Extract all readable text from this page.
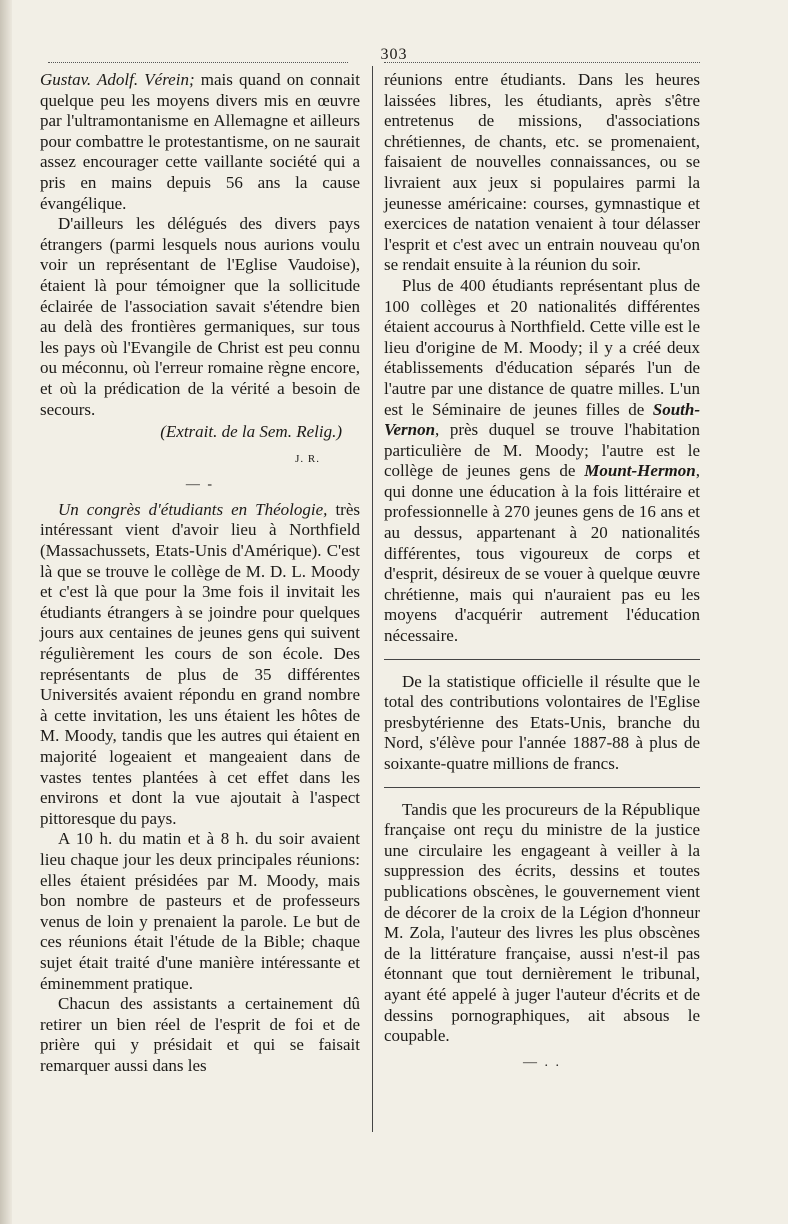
303

Gustav. Adolf. Vérein; mais quand on connait quelque peu les moyens divers mis en œuvre par l'ultramontanisme en Allemagne et ailleurs pour combattre le protestantisme, on ne saurait assez encourager cette vaillante société qui a pris en mains depuis 56 ans la cause évangélique.

D'ailleurs les délégués des divers pays étrangers (parmi lesquels nous aurions voulu voir un représentant de l'Eglise Vaudoise), étaient là pour témoigner que la sollicitude éclairée de l'association savait s'étendre bien au delà des frontières germaniques, sur tous les pays où l'Evangile de Christ est peu connu ou méconnu, où l'erreur romaine règne encore, et où la prédication de la vérité a besoin de secours.

(Extrait. de la Sem. Relig.)

J. R.

— -

Un congrès d'étudiants en Théologie, très intéressant vient d'avoir lieu à Northfield (Massachussets, Etats-Unis d'Amérique). C'est là que se trouve le collège de M. D. L. Moody et c'est là que pour la 3me fois il invitait les étudiants étrangers à se joindre pour quelques jours aux centaines de jeunes gens qui suivent régulièrement les cours de son école. Des représentants de plus de 35 différentes Universités avaient répondu en grand nombre à cette invitation, les uns étaient les hôtes de M. Moody, tandis que les autres qui étaient en majorité logeaient et mangeaient dans de vastes tentes plantées à cet effet dans les environs et dont la vue ajoutait à l'aspect pittoresque du pays.

A 10 h. du matin et à 8 h. du soir avaient lieu chaque jour les deux principales réunions: elles étaient présidées par M. Moody, mais bon nombre de pasteurs et de professeurs venus de loin y prenaient la parole. Le but de ces réunions était l'étude de la Bible; chaque sujet était traité d'une manière intéressante et éminemment pratique.

Chacun des assistants a certainement dû retirer un bien réel de l'esprit de foi et de prière qui y présidait et qui se faisait remarquer aussi dans les

réunions entre étudiants. Dans les heures laissées libres, les étudiants, après s'être entretenus de missions, d'associations chrétiennes, de chants, etc. se promenaient, faisaient de nouvelles connaissances, ou se livraient aux jeux si populaires parmi la jeunesse américaine: courses, gymnastique et exercices de natation venaient à tour délasser l'esprit et c'est avec un entrain nouveau qu'on se rendait ensuite à la réunion du soir.

Plus de 400 étudiants représentant plus de 100 collèges et 20 nationalités différentes étaient accourus à Northfield. Cette ville est le lieu d'origine de M. Moody; il y a créé deux établissements d'éducation séparés l'un de l'autre par une distance de quatre milles. L'un est le Séminaire de jeunes filles de South-Vernon, près duquel se trouve l'habitation particulière de M. Moody; l'autre est le collège de jeunes gens de Mount-Hermon, qui donne une éducation à la fois littéraire et professionnelle à 270 jeunes gens de 16 ans et au dessus, appartenant à 20 nationalités différentes, tous vigoureux de corps et d'esprit, désireux de se vouer à quelque œuvre chrétienne, mais qui n'auraient pas eu les moyens d'acquérir autrement l'éducation nécessaire.

De la statistique officielle il résulte que le total des contributions volontaires de l'Eglise presbytérienne des Etats-Unis, branche du Nord, s'élève pour l'année 1887-88 à plus de soixante-quatre millions de francs.

Tandis que les procureurs de la République française ont reçu du ministre de la justice une circulaire les engageant à veiller à la suppression des écrits, dessins et toutes publications obscènes, le gouvernement vient de décorer de la croix de la Légion d'honneur M. Zola, l'auteur des livres les plus obscènes de la littérature française, aussi n'est-il pas étonnant que tout dernièrement le tribunal, ayant été appelé à juger l'auteur d'écrits et de dessins pornographiques, ait absous le coupable.

— . .
